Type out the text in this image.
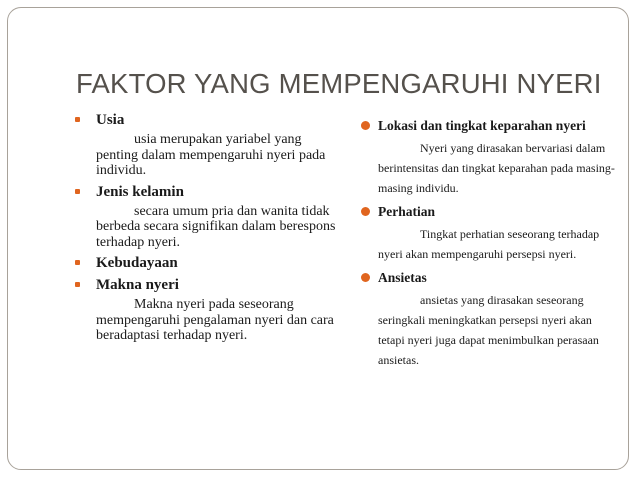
FAKTOR YANG MEMPENGARUHI NYERI
Usia
usia merupakan yariabel yang penting dalam mempengaruhi nyeri pada individu.
Jenis kelamin
secara umum pria dan wanita tidak berbeda secara signifikan dalam berespons terhadap nyeri.
Kebudayaan
Makna nyeri
Makna nyeri pada seseorang mempengaruhi pengalaman nyeri dan cara beradaptasi terhadap nyeri.
Lokasi dan tingkat keparahan nyeri
Nyeri yang dirasakan bervariasi dalam berintensitas dan tingkat keparahan pada masing-masing individu.
Perhatian
Tingkat perhatian seseorang terhadap nyeri akan mempengaruhi persepsi nyeri.
Ansietas
ansietas yang dirasakan seseorang seringkali meningkatkan persepsi nyeri akan tetapi nyeri juga dapat menimbulkan perasaan ansietas.
